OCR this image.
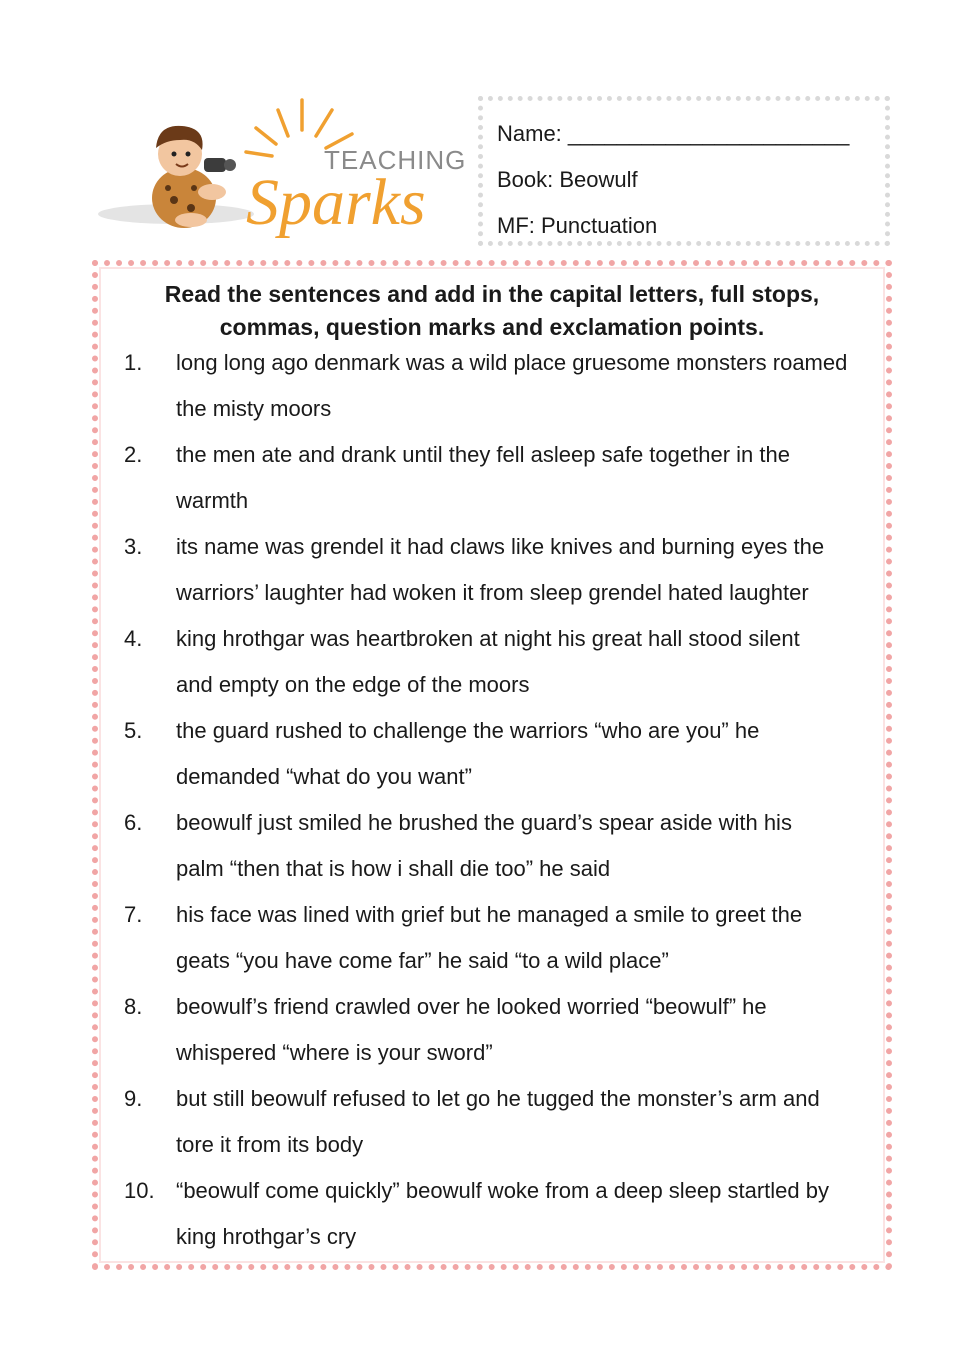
TEACHING
Sparks
Name: _______________________
Book: Beowulf
MF: Punctuation
Read the sentences and add in the capital letters, full stops,
commas, question marks and exclamation points.
1.	long long ago denmark was a wild place gruesome monsters roamed
the misty moors
2.	the men ate and drank until they fell asleep safe together in the
warmth
3.	its name was grendel it had claws like knives and burning eyes the
warriors’ laughter had woken it from sleep grendel hated laughter
4.	king hrothgar was heartbroken at night his great hall stood silent
and empty on the edge of the moors
5.	the guard rushed to challenge the warriors “who are you” he
demanded “what do you want”
6.	beowulf just smiled he brushed the guard’s spear aside with his
palm “then that is how i shall die too” he said
7.	his face was lined with grief but he managed a smile to greet the
geats “you have come far” he said “to a wild place”
8.	beowulf’s friend crawled over he looked worried “beowulf” he
whispered “where is your sword”
9.	but still beowulf refused to let go he tugged the monster’s arm and
tore it from its body
10. “beowulf come quickly” beowulf woke from a deep sleep startled by
king hrothgar’s cry
